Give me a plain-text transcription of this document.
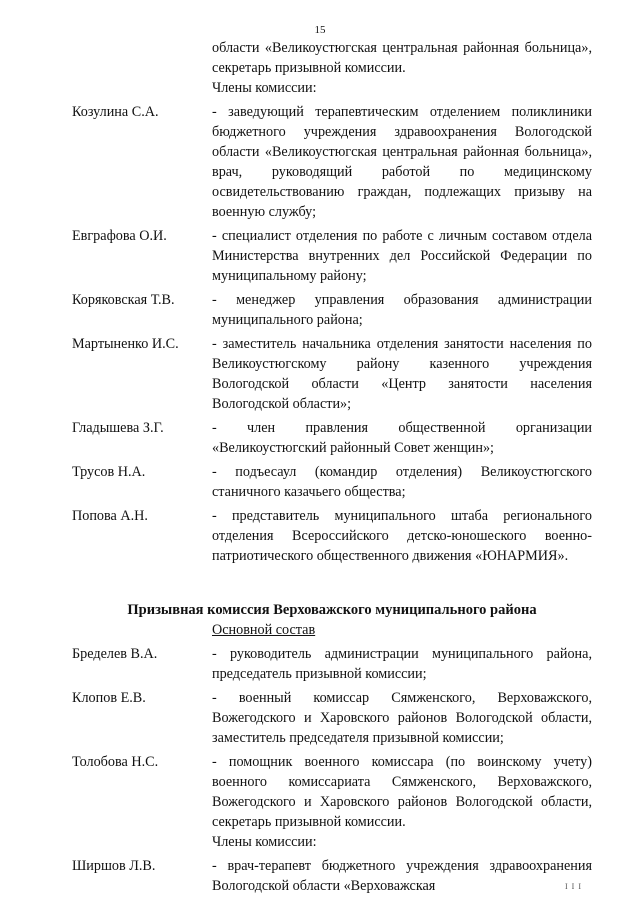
15
области «Великоустюгская центральная районная больница», секретарь призывной комиссии.
Члены комиссии:
Козулина С.А.	- заведующий терапевтическим отделением поликлиники бюджетного учреждения здравоохранения Вологодской области «Великоустюгская центральная районная больница», врач, руководящий работой по медицинскому освидетельствованию граждан, подлежащих призыву на военную службу;
Евграфова О.И.	- специалист отделения по работе с личным составом отдела Министерства внутренних дел Российской Федерации по муниципальному району;
Коряковская Т.В.	- менеджер управления образования администрации муниципального района;
Мартыненко И.С.	- заместитель начальника отделения занятости населения по Великоустюгскому району казенного учреждения Вологодской области «Центр занятости населения Вологодской области»;
Гладышева З.Г.	- член правления общественной организации «Великоустюгский районный Совет женщин»;
Трусов Н.А.	- подъесаул (командир отделения) Великоустюгского станичного казачьего общества;
Попова А.Н.	- представитель муниципального штаба регионального отделения Всероссийского детско-юношеского военно-патриотического общественного движения «ЮНАРМИЯ».
Призывная комиссия Верховажского муниципального района
Основной состав
Бределев В.А.	- руководитель администрации муниципального района, председатель призывной комиссии;
Клопов Е.В.	- военный комиссар Сямженского, Верховажского, Вожегодского и Харовского районов Вологодской области, заместитель председателя призывной комиссии;
Толобова Н.С.	- помощник военного комиссара (по воинскому учету) военного комиссариата Сямженского, Верховажского, Вожегодского и Харовского районов Вологодской области, секретарь призывной комиссии.
Члены комиссии:
Ширшов Л.В.	- врач-терапевт бюджетного учреждения здравоохранения Вологодской области «Верховажская	I I I
